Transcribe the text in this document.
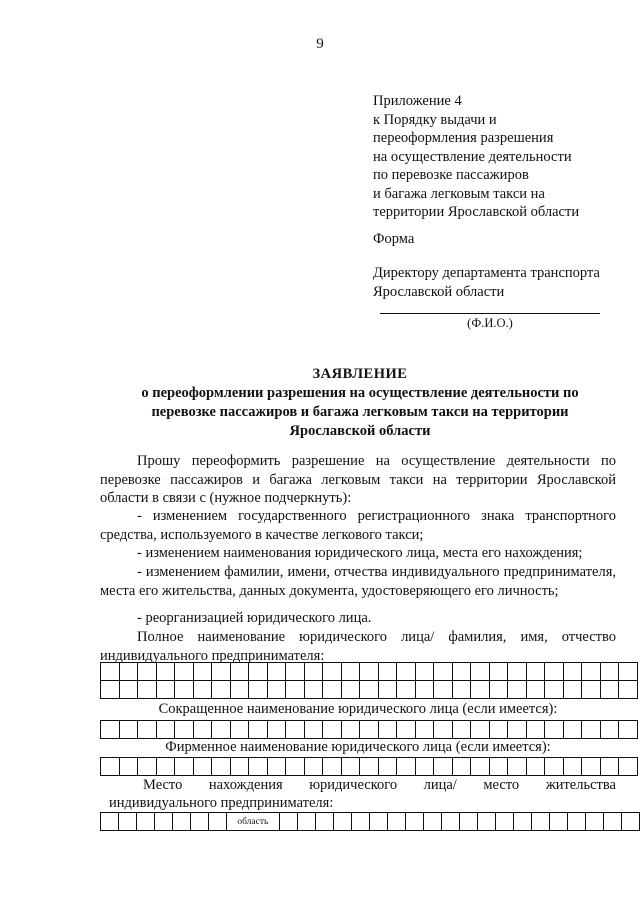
9
Приложение 4
к Порядку выдачи и
переоформления разрешения
на осуществление деятельности
по перевозке пассажиров
и багажа легковым такси на
территории Ярославской области
Форма
Директору департамента транспорта
Ярославской области
(Ф.И.О.)
ЗАЯВЛЕНИЕ
о переоформлении разрешения на осуществление деятельности по
перевозке пассажиров и багажа легковым такси на территории
Ярославской области
Прошу переоформить разрешение на осуществление деятельности по перевозке пассажиров и багажа легковым такси на территории Ярославской области в связи с (нужное подчеркнуть):
- изменением государственного регистрационного знака транспортного средства, используемого в качестве легкового такси;
- изменением наименования юридического лица, места его нахождения;
- изменением фамилии, имени, отчества индивидуального предпринимателя, места его жительства, данных документа, удостоверяющего его личность;
- реорганизацией юридического лица.
Полное наименование юридического лица/ фамилия, имя, отчество индивидуального предпринимателя:

Сокращенное наименование юридического лица (если имеется):

Фирменное наименование юридического лица (если имеется):

Место нахождения юридического лица/ место жительства
индивидуального предпринимателя:
							область																				
